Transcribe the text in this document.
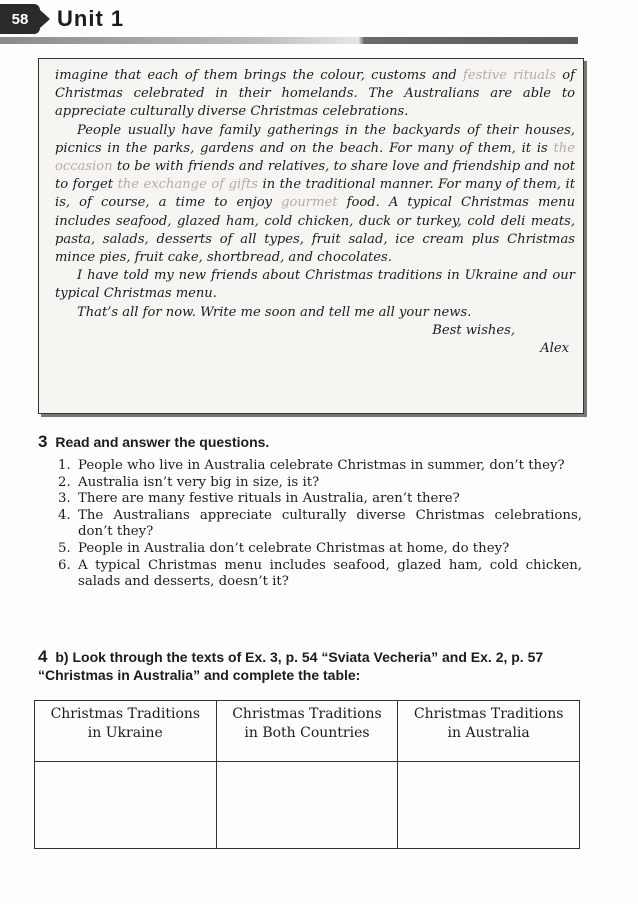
58 Unit 1

imagine that each of them brings the colour, customs and festive rituals of Christmas celebrated in their homelands. The Australians are able to appreciate culturally diverse Christmas celebrations.

People usually have family gatherings in the backyards of their houses, picnics in the parks, gardens and on the beach. For many of them, it is the occasion to be with friends and relatives, to share love and friendship and not to forget the exchange of gifts in the traditional manner. For many of them, it is, of course, a time to enjoy gourmet food. A typical Christmas menu includes seafood, glazed ham, cold chicken, duck or turkey, cold deli meats, pasta, salads, desserts of all types, fruit salad, ice cream plus Christmas mince pies, fruit cake, shortbread, and chocolates.

I have told my new friends about Christmas traditions in Ukraine and our typical Christmas menu.

That’s all for now. Write me soon and tell me all your news.

Best wishes,

Alex

3 Read and answer the questions.
1. People who live in Australia celebrate Christmas in summer, don’t they?
2. Australia isn’t very big in size, is it?
3. There are many festive rituals in Australia, aren’t there?
4. The Australians appreciate culturally diverse Christmas celebrations, don’t they?
5. People in Australia don’t celebrate Christmas at home, do they?
6. A typical Christmas menu includes seafood, glazed ham, cold chicken, salads and desserts, doesn’t it?
4 b) Look through the texts of Ex. 3, p. 54 “Sviata Vecheria” and Ex. 2, p. 57 “Christmas in Australia” and complete the table:
Christmas Traditions
in Ukraine	Christmas Traditions
in Both Countries	Christmas Traditions
in Australia
